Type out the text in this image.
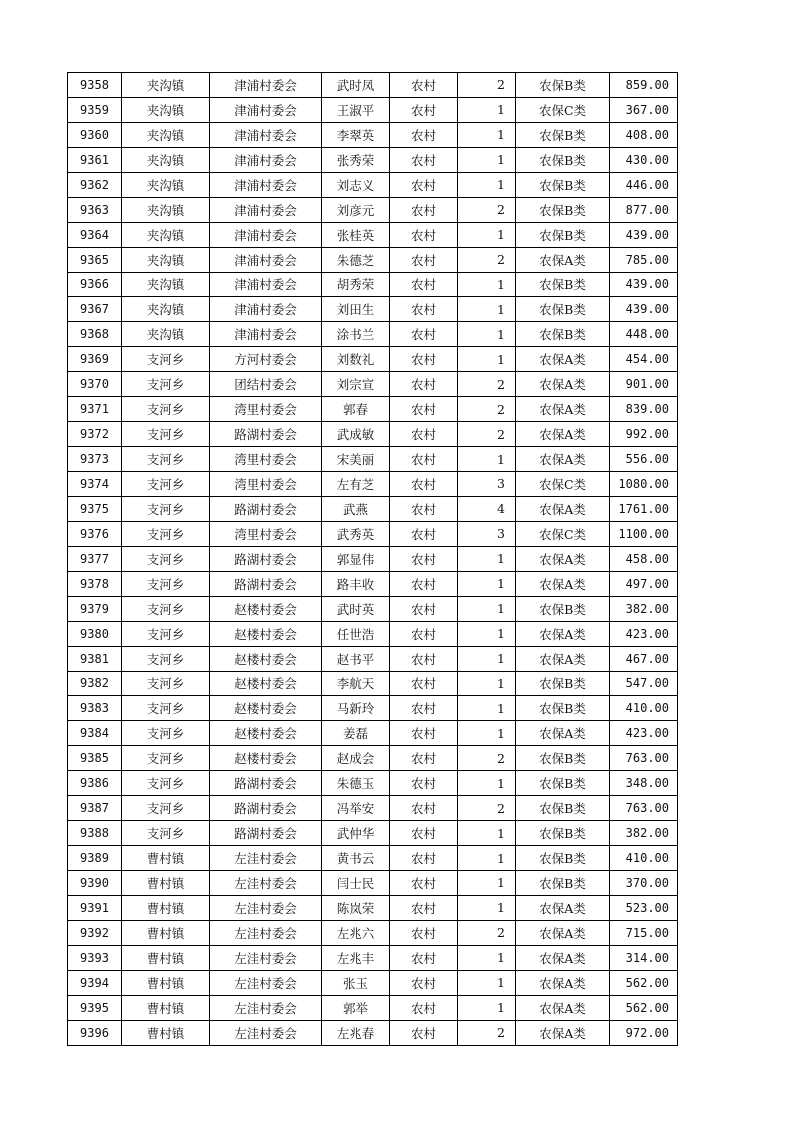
9358	夹沟镇	津浦村委会	武时凤	农村	2	农保B类	859.00
9359	夹沟镇	津浦村委会	王淑平	农村	1	农保C类	367.00
9360	夹沟镇	津浦村委会	李翠英	农村	1	农保B类	408.00
9361	夹沟镇	津浦村委会	张秀荣	农村	1	农保B类	430.00
9362	夹沟镇	津浦村委会	刘志义	农村	1	农保B类	446.00
9363	夹沟镇	津浦村委会	刘彦元	农村	2	农保B类	877.00
9364	夹沟镇	津浦村委会	张桂英	农村	1	农保B类	439.00
9365	夹沟镇	津浦村委会	朱德芝	农村	2	农保A类	785.00
9366	夹沟镇	津浦村委会	胡秀荣	农村	1	农保B类	439.00
9367	夹沟镇	津浦村委会	刘田生	农村	1	农保B类	439.00
9368	夹沟镇	津浦村委会	涂书兰	农村	1	农保B类	448.00
9369	支河乡	方河村委会	刘数礼	农村	1	农保A类	454.00
9370	支河乡	团结村委会	刘宗宣	农村	2	农保A类	901.00
9371	支河乡	湾里村委会	郭春	农村	2	农保A类	839.00
9372	支河乡	路湖村委会	武成敏	农村	2	农保A类	992.00
9373	支河乡	湾里村委会	宋美丽	农村	1	农保A类	556.00
9374	支河乡	湾里村委会	左有芝	农村	3	农保C类	1080.00
9375	支河乡	路湖村委会	武燕	农村	4	农保A类	1761.00
9376	支河乡	湾里村委会	武秀英	农村	3	农保C类	1100.00
9377	支河乡	路湖村委会	郭显伟	农村	1	农保A类	458.00
9378	支河乡	路湖村委会	路丰收	农村	1	农保A类	497.00
9379	支河乡	赵楼村委会	武时英	农村	1	农保B类	382.00
9380	支河乡	赵楼村委会	任世浩	农村	1	农保A类	423.00
9381	支河乡	赵楼村委会	赵书平	农村	1	农保A类	467.00
9382	支河乡	赵楼村委会	李航天	农村	1	农保B类	547.00
9383	支河乡	赵楼村委会	马新玲	农村	1	农保B类	410.00
9384	支河乡	赵楼村委会	姜磊	农村	1	农保A类	423.00
9385	支河乡	赵楼村委会	赵成会	农村	2	农保B类	763.00
9386	支河乡	路湖村委会	朱德玉	农村	1	农保B类	348.00
9387	支河乡	路湖村委会	冯举安	农村	2	农保B类	763.00
9388	支河乡	路湖村委会	武仲华	农村	1	农保B类	382.00
9389	曹村镇	左洼村委会	黄书云	农村	1	农保B类	410.00
9390	曹村镇	左洼村委会	闫士民	农村	1	农保B类	370.00
9391	曹村镇	左洼村委会	陈岚荣	农村	1	农保A类	523.00
9392	曹村镇	左洼村委会	左兆六	农村	2	农保A类	715.00
9393	曹村镇	左洼村委会	左兆丰	农村	1	农保A类	314.00
9394	曹村镇	左洼村委会	张玉	农村	1	农保A类	562.00
9395	曹村镇	左洼村委会	郭举	农村	1	农保A类	562.00
9396	曹村镇	左洼村委会	左兆春	农村	2	农保A类	972.00
